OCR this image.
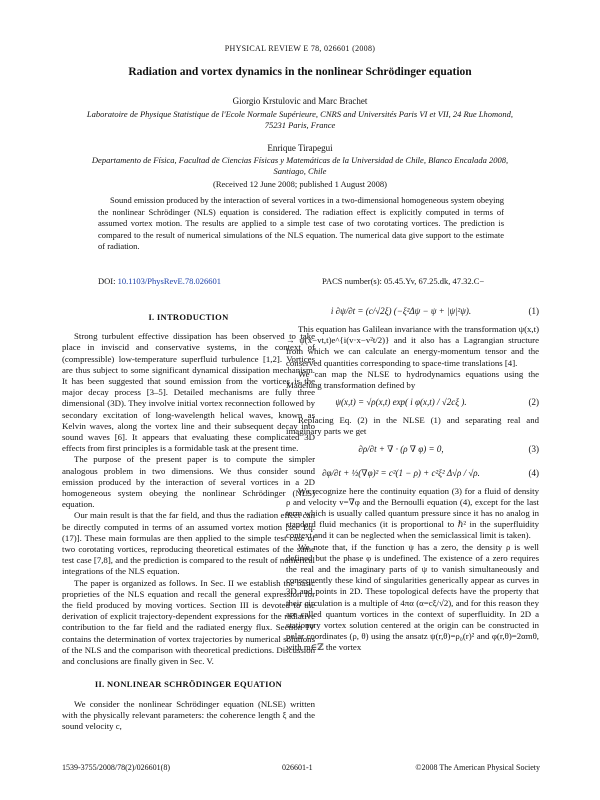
PHYSICAL REVIEW E 78, 026601 (2008)
Radiation and vortex dynamics in the nonlinear Schrödinger equation
Giorgio Krstulovic and Marc Brachet
Laboratoire de Physique Statistique de l'Ecole Normale Supérieure, CNRS and Universités Paris VI et VII, 24 Rue Lhomond, 75231 Paris, France
Enrique Tirapegui
Departamento de Física, Facultad de Ciencias Físicas y Matemáticas de la Universidad de Chile, Blanco Encalada 2008, Santiago, Chile
(Received 12 June 2008; published 1 August 2008)
Sound emission produced by the interaction of several vortices in a two-dimensional homogeneous system obeying the nonlinear Schrödinger (NLS) equation is considered. The radiation effect is explicitly computed in terms of assumed vortex motion. The results are applied to a simple test case of two corotating vortices. The prediction is compared to the result of numerical simulations of the NLS equation. The numerical data give support to the estimate of radiation.
DOI: 10.1103/PhysRevE.78.026601	PACS number(s): 05.45.Yv, 67.25.dk, 47.32.C−
I. INTRODUCTION

Strong turbulent effective dissipation has been observed to take place in inviscid and conservative systems, in the context of (compressible) low-temperature superfluid turbulence [1,2]. Vortices are thus subject to some significant dynamical dissipation mechanism. It has been suggested that sound emission from the vortices is the major decay process [3–5]. Detailed mechanisms are fully three dimensional (3D). They involve initial vortex reconnection followed by secondary excitation of long-wavelength helical waves, known as Kelvin waves, along the vortex line and their subsequent decay into sound waves [6]. It appears that evaluating these complicated 3D effects from first principles is a formidable task at the present time.

The purpose of the present paper is to compute the simpler analogous problem in two dimensions. We thus consider sound emission produced by the interaction of several vortices in a 2D homogeneous system obeying the nonlinear Schrödinger (NLS) equation.

Our main result is that the far field, and thus the radiation effect can be directly computed in terms of an assumed vortex motion [see Eq. (17)]. These main formulas are then applied to the simple test case of two corotating vortices, reproducing theoretical estimates of the same test case [7,8], and the prediction is compared to the result of numerical integrations of the NLS equation.

The paper is organized as follows. In Sec. II we establish the basic proprieties of the NLS equation and recall the general expression for the field produced by moving vortices. Section III is devoted to the derivation of explicit trajectory-dependent expressions for the radiative contribution to the far field and the radiated energy flux. Section IV contains the determination of vortex trajectories by numerical solutions of the NLS and the comparison with theoretical predictions. Discussion and conclusions are finally given in Sec. V.

II. NONLINEAR SCHRÖDINGER EQUATION

We consider the nonlinear Schrödinger equation (NLSE) written with the physically relevant parameters: the coherence length ξ and the sound velocity c,

i ∂ψ/∂t = (c/√2ξ) (−ξ²Δψ − ψ + |ψ|²ψ).	(1)

This equation has Galilean invariance with the transformation ψ(x,t) → ψ(x−vt,t)e^{i(v·x−v²t/2)} and it also has a Lagrangian structure from which we can calculate an energy-momentum tensor and the conserved quantities corresponding to space-time translations [4].

We can map the NLSE to hydrodynamics equations using the Madelung transformation defined by

ψ(x,t) = √ρ(x,t) exp( i φ(x,t) / √2cξ ).	(2)

Replacing Eq. (2) in the NLSE (1) and separating real and imaginary parts we get

∂ρ/∂t + ∇ · (ρ ∇ φ) = 0,	(3)
∂φ/∂t + ½(∇φ)² = c²(1 − ρ) + c²ξ² Δ√ρ / √ρ.	(4)

We recognize here the continuity equation (3) for a fluid of density ρ and velocity v=∇φ and the Bernoulli equation (4), except for the last term which is usually called quantum pressure since it has no analog in standard fluid mechanics (it is proportional to ℏ² in the superfluidity context and it can be neglected when the semiclassical limit is taken).

We note that, if the function ψ has a zero, the density ρ is well defined but the phase φ is undefined. The existence of a zero requires the real and the imaginary parts of ψ to vanish simultaneously and consequently these kind of singularities generically appear as curves in 3D and points in 2D. These topological defects have the property that their circulation is a multiple of 4πα (α=cξ/√2), and for this reason they are called quantum vortices in the context of superfluidity. In 2D a stationary vortex solution centered at the origin can be constructed in polar coordinates (ρ, θ) using the ansatz ψ(r,θ)=ρ₀(r)² and φ(r,θ)=2αmθ, with m∈ℤ the vortex

1539-3755/2008/78(2)/026601(8)	026601-1	©2008 The American Physical Society
